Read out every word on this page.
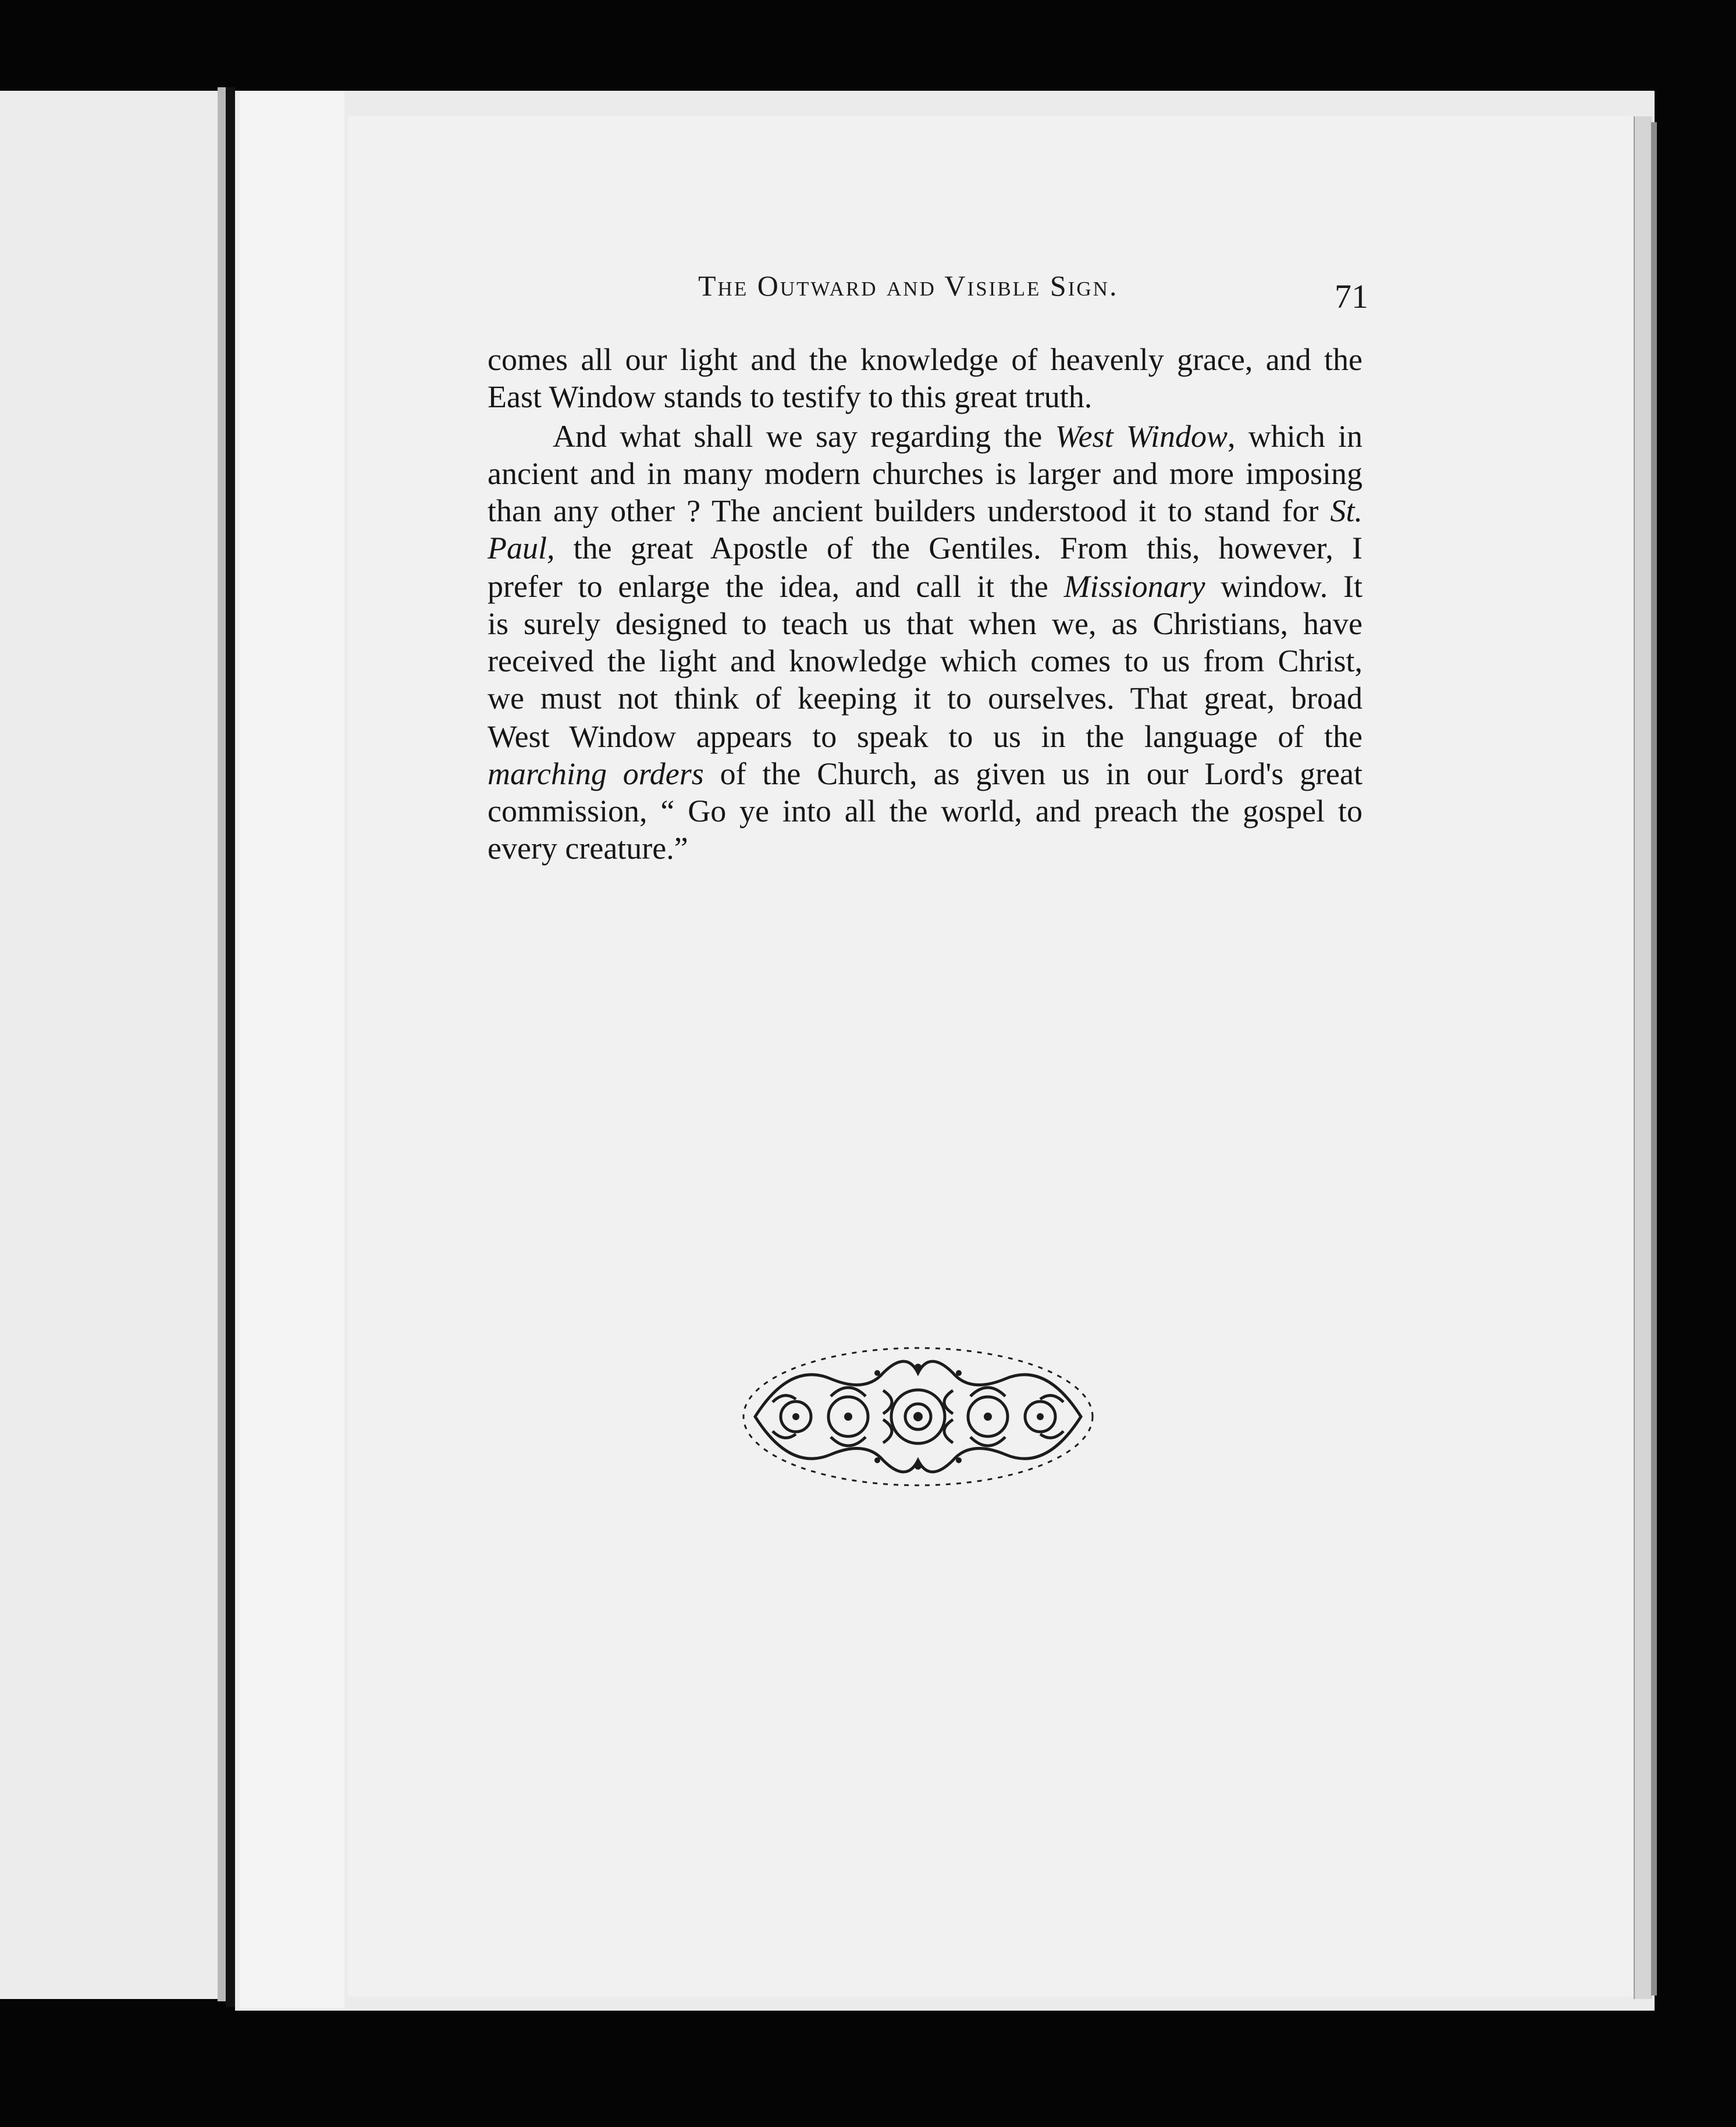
The Outward and Visible Sign.	71
comes all our light and the knowledge of heavenly grace, and the
East Window stands to testify to this great truth.
And what shall we say regarding the West Window, which in
ancient and in many modern churches is larger and more imposing
than any other ? The ancient builders understood it to stand for St.
Paul, the great Apostle of the Gentiles. From this, however, I
prefer to enlarge the idea, and call it the Missionary window. It
is surely designed to teach us that when we, as Christians, have
received the light and knowledge which comes to us from Christ,
we must not think of keeping it to ourselves. That great, broad
West Window appears to speak to us in the language of the
marching orders of the Church, as given us in our Lord's great
commission, “ Go ye into all the world, and preach the gospel to
every creature.”
